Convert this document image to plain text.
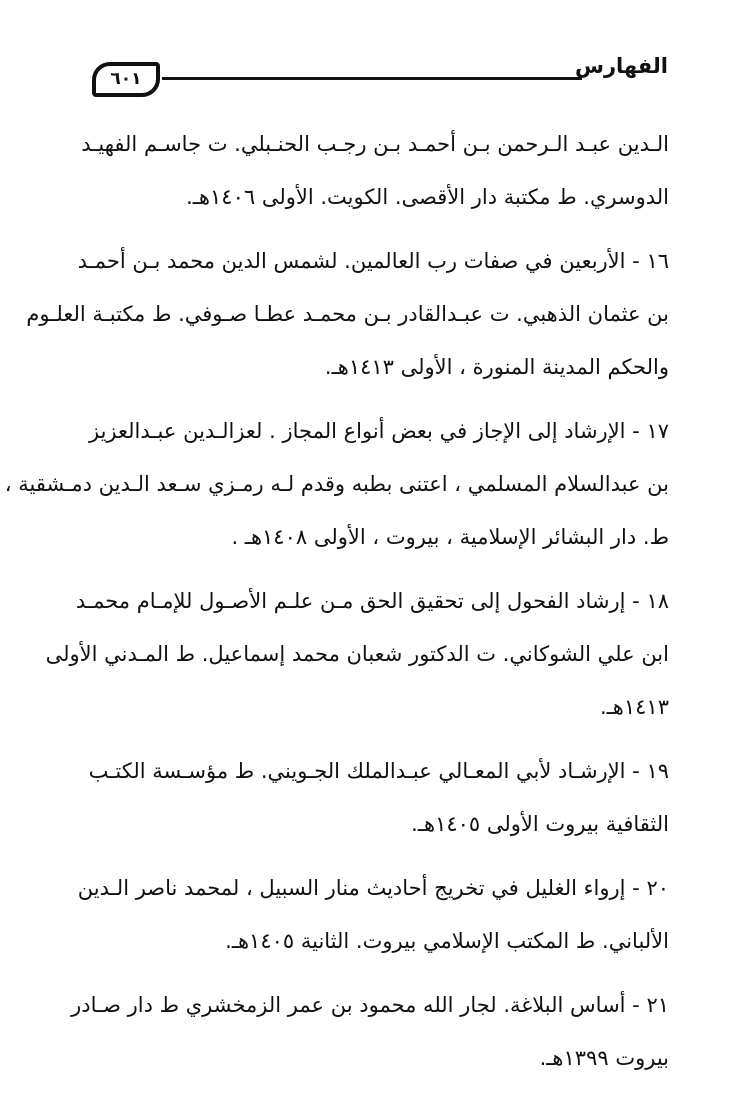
الفهارس
٦٠١
الـدين عبـد الـرحمن بـن أحمـد بـن رجـب الحنـبلي. ت جاسـم الفهيـد
الدوسري. ط مكتبة دار الأقصى. الكويت. الأولى ١٤٠٦هـ.
١٦ - الأربعين في صفات رب العالمين. لشمس الدين محمد بـن أحمـد
بن عثمان الذهبي. ت عبـدالقادر بـن محمـد عطـا صـوفي. ط مكتبـة العلـوم
والحكم المدينة المنورة ، الأولى ١٤١٣هـ.
١٧ - الإرشاد إلى الإجاز في بعض أنواع المجاز . لعزالـدين عبـدالعزيز
بن عبدالسلام المسلمي ، اعتنى بطبه وقدم لـه رمـزي سـعد الـدين دمـشقية ،
ط. دار البشائر الإسلامية ، بيروت ، الأولى ١٤٠٨هـ .
١٨ - إرشاد الفحول إلى تحقيق الحق مـن علـم الأصـول للإمـام محمـد
ابن علي الشوكاني. ت الدكتور شعبان محمد إسماعيل. ط المـدني الأولى
١٤١٣هـ.
١٩ - الإرشـاد لأبي المعـالي عبـدالملك الجـويني. ط مؤسـسة الكتـب
الثقافية بيروت الأولى ١٤٠٥هـ.
٢٠ - إرواء الغليل في تخريج أحاديث منار السبيل ، لمحمد ناصر الـدين
الألباني. ط المكتب الإسلامي بيروت. الثانية ١٤٠٥هـ.
٢١ - أساس البلاغة. لجار الله محمود بن عمر الزمخشري ط دار صـادر
بيروت ١٣٩٩هـ.
